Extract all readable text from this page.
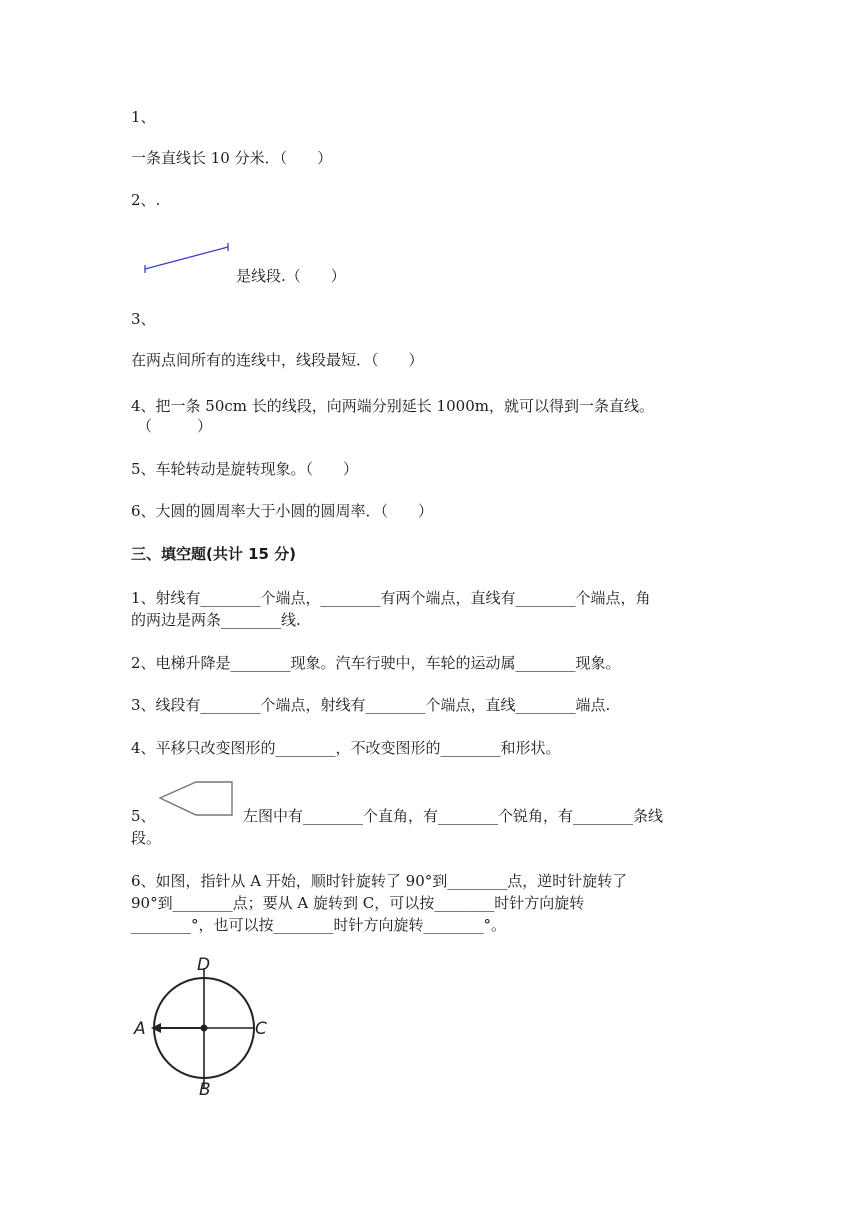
1、
一条直线长 10 分米．（　　）
2、.
是线段.（　　）
3、
在两点间所有的连线中，线段最短．（　　）
4、把一条 50cm 长的线段，向两端分别延长 1000m，就可以得到一条直线。
（　　　）
5、车轮转动是旋转现象。（　　）
6、大圆的圆周率大于小圆的圆周率．（　　）
三、填空题(共计 15 分)
1、射线有________个端点，________有两个端点，直线有________个端点，角
的两边是两条________线.
2、电梯升降是________现象。汽车行驶中，车轮的运动属________现象。
3、线段有________个端点，射线有________个端点，直线________端点.
4、平移只改变图形的________，不改变图形的________和形状。
5、	左图中有________个直角，有________个锐角，有________条线
段。
6、如图，指针从 A 开始，顺时针旋转了 90°到________点，逆时针旋转了
90°到________点；要从 A 旋转到 C，可以按________时针方向旋转
________°，也可以按________时针方向旋转________°。
D
A	C
B
